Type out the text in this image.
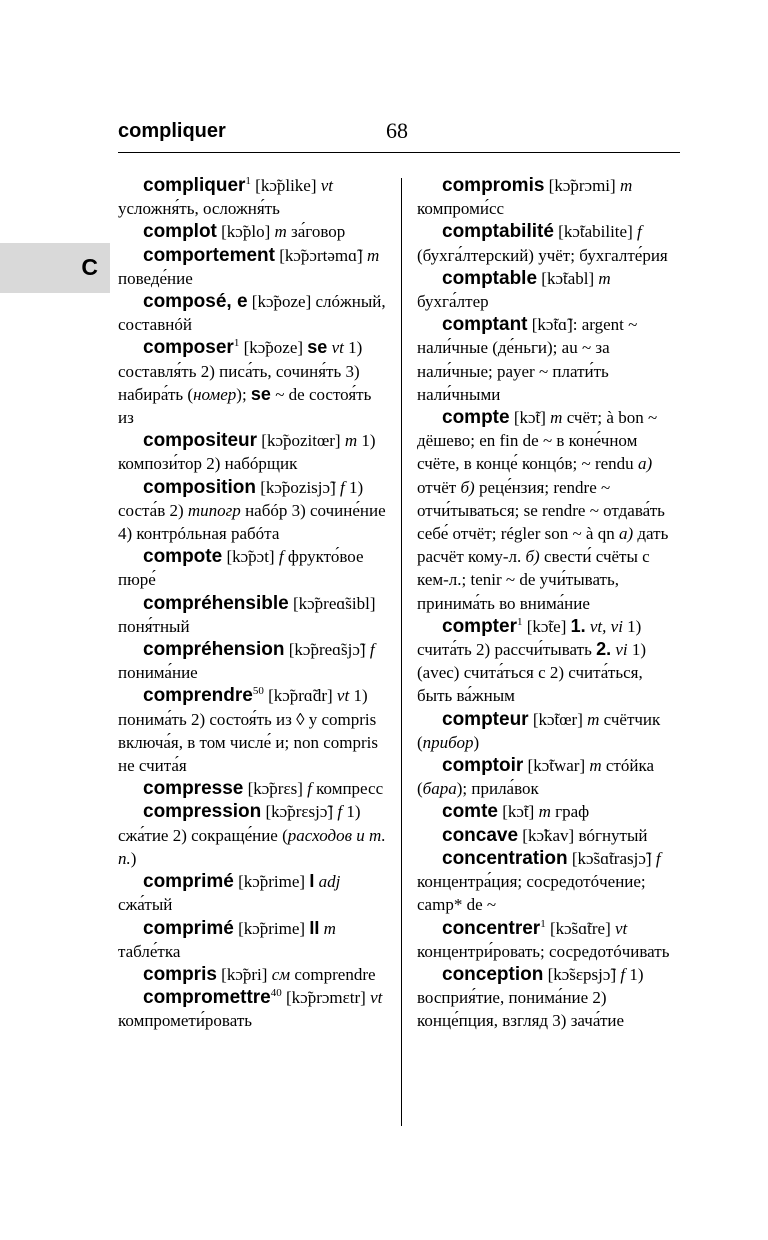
compliquer	68
C
compliquer$^1$ [kɔ̃plike] vt усложня́ть, осложня́ть
complot [kɔ̃plo] m за́говор
comportement [kɔ̃pɔrtəmɑ̃] m поведе́ние
composé, e [kɔ̃poze] слóжный, составнóй
composer$^1$ [kɔ̃poze] se vt 1) составля́ть 2) писа́ть, сочиня́ть 3) набира́ть (номер); se ~ de состоя́ть из
compositeur [kɔ̃pozitœr] m 1) компози́тор 2) набóрщик
composition [kɔ̃pozisjɔ̃] f 1) соста́в 2) типогр набóр 3) сочине́ние 4) контрóльная рабóта
compote [kɔ̃pɔt] f фрукто́вое пюре́
compréhensible [kɔ̃preɑ̃sibl] поня́тный
compréhension [kɔ̃preɑ̃sjɔ̃] f понима́ние
comprendre$^{50}$ [kɔ̃prɑ̃dr] vt 1) понима́ть 2) состоя́ть из ◊ y compris включа́я, в том числе́ и; non compris не счита́я
compresse [kɔ̃prɛs] f компресс
compression [kɔ̃prɛsjɔ̃] f 1) сжа́тие 2) сокраще́ние (расходов и т. п.)
comprimé [kɔ̃prime] I adj сжа́тый
comprimé [kɔ̃prime] II m табле́тка
compris [kɔ̃pri] см comprendre
compromettre$^{40}$ [kɔ̃prɔmɛtr] vt компромети́ровать
compromis [kɔ̃prɔmi] m компроми́сс
comptabilité [kɔ̃tabilite] f (бухга́лтерский) учёт; бухгалте́рия
comptable [kɔ̃tabl] m бухга́лтер
comptant [kɔ̃tɑ̃]: argent ~ нали́чные (де́ньги); au ~ за нали́чные; payer ~ плати́ть нали́чными
compte [kɔ̃t] m счёт; à bon ~ дёшево; en fin de ~ в коне́чном счёте, в конце́ концóв; ~ rendu а) отчёт б) реце́нзия; rendre ~ отчи́тываться; se rendre ~ отдава́ть себе́ отчёт; régler son ~ à qn а) дать расчёт кому-л. б) свести́ счёты с кем-л.; tenir ~ de учи́тывать, принима́ть во внима́ние
compter$^1$ [kɔ̃te] 1. vt, vi 1) счита́ть 2) рассчи́тывать 2. vi 1) (avec) счита́ться с 2) счита́ться, быть ва́жным
compteur [kɔ̃tœr] m счётчик (прибор)
comptoir [kɔ̃twar] m стóйка (бара); прила́вок
comte [kɔ̃t] m граф
concave [kɔ̃kav] вóгнутый
concentration [kɔ̃sɑ̃trasjɔ̃] f концентра́ция; сосредотóчение; camp* de ~
concentrer$^1$ [kɔ̃sɑ̃tre] vt концентри́ровать; сосредотóчивать
conception [kɔ̃sɛpsjɔ̃] f 1) восприя́тие, понима́ние 2) конце́пция, взгляд 3) зача́тие
